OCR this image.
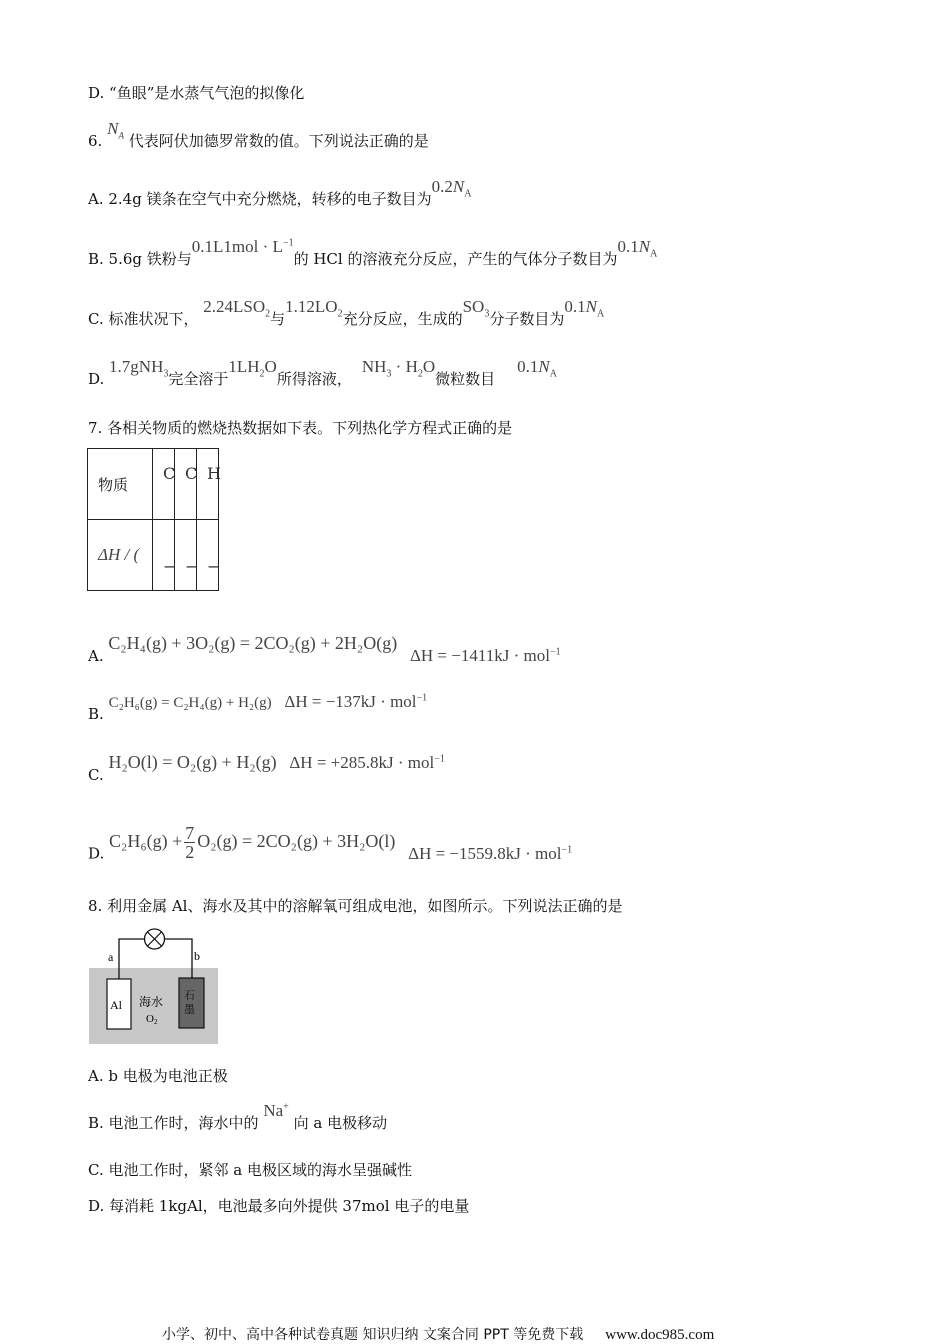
D. “鱼眼”是水蒸气气泡的拟像化
6. $N_A$ 代表阿伏加德罗常数的值。下列说法正确的是
A. 2.4g 镁条在空气中充分燃烧，转移的电子数目为$0.2N_A$
B. 5.6g 铁粉与$0.1L1mol \cdot L^{-1}$的 HCl 的溶液充分反应，产生的气体分子数目为$0.1N_A$
C. 标准状况下， $2.24LSO_2$与$1.12LO_2$充分反应，生成的$SO_3$分子数目为$0.1N_A$
D. 1.7gNH$_3$完全溶于$1LH_2O$所得溶液，$NH_3 \cdot H_2O$微粒数目$0.1N_A$
7. 各相关物质的燃烧热数据如下表。下列热化学方程式正确的是
物质	C	C	H

ΔH / (	−	−	−
A. C₂H₄(g) + 3O₂(g) = 2CO₂(g) + 2H₂O(g) ΔH = −1411kJ · mol$^{-1}$
B. C₂H₆(g) = C₂H₄(g) + H₂(g) ΔH = −137kJ · mol$^{-1}$
C. H₂O(l) = O₂(g) + H₂(g) ΔH = +285.8kJ · mol$^{-1}$
D. $C_2H_6(g) + \frac{7}{2} O_2(g) = 2CO_2(g) + 3H_2O(l) \Delta H = -1559.8kJ \cdot mol^{-1}$
8. 利用金属 Al、海水及其中的溶解氧可组成电池，如图所示。下列说法正确的是
a	b
Al
石
墨
海水
O2
A. b 电极为电池正极
B. 电池工作时，海水中的 Na+ 向 a 电极移动
C. 电池工作时，紧邻 a 电极区域的海水呈强碱性
D. 每消耗 1kgAl，电池最多向外提供 37mol 电子的电量
小学、初中、高中各种试卷真题 知识归纳 文案合同 PPT 等免费下载 www.doc985.com
